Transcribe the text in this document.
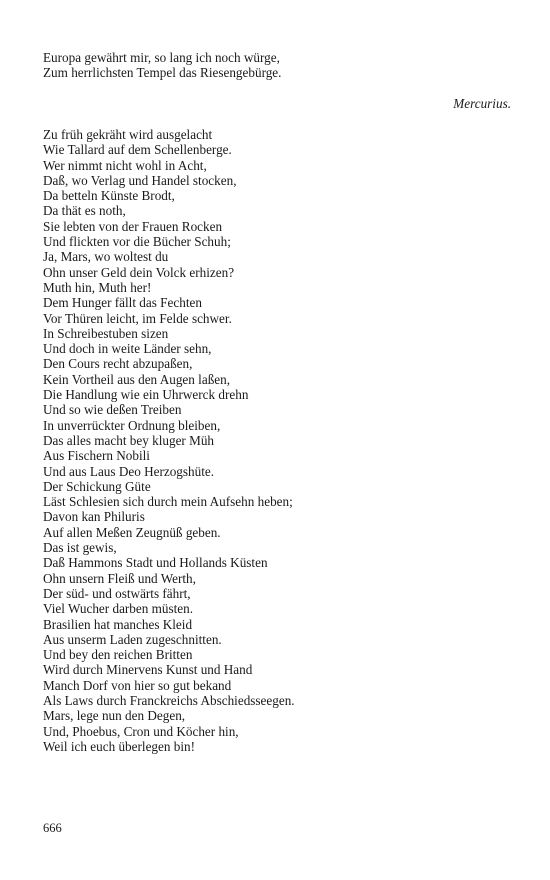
Europa gewährt mir, so lang ich noch würge,

Zum herrlichsten Tempel das Riesengebürge.

Mercurius.

Zu früh gekräht wird ausgelacht

Wie Tallard auf dem Schellenberge.

Wer nimmt nicht wohl in Acht,

Daß, wo Verlag und Handel stocken,

Da betteln Künste Brodt,

Da thät es noth,

Sie lebten von der Frauen Rocken

Und flickten vor die Bücher Schuh;

Ja, Mars, wo woltest du

Ohn unser Geld dein Volck erhizen?

Muth hin, Muth her!

Dem Hunger fällt das Fechten

Vor Thüren leicht, im Felde schwer.

In Schreibestuben sizen

Und doch in weite Länder sehn,

Den Cours recht abzupaßen,

Kein Vortheil aus den Augen laßen,

Die Handlung wie ein Uhrwerck drehn

Und so wie deßen Treiben

In unverrückter Ordnung bleiben,

Das alles macht bey kluger Müh

Aus Fischern Nobili

Und aus Laus Deo Herzogshüte.

Der Schickung Güte

Läst Schlesien sich durch mein Aufsehn heben;

Davon kan Philuris

Auf allen Meßen Zeugnüß geben.

Das ist gewis,

Daß Hammons Stadt und Hollands Küsten

Ohn unsern Fleiß und Werth,

Der süd- und ostwärts fährt,

Viel Wucher darben müsten.

Brasilien hat manches Kleid

Aus unserm Laden zugeschnitten.

Und bey den reichen Britten

Wird durch Minervens Kunst und Hand

Manch Dorf von hier so gut bekand

Als Laws durch Franckreichs Abschiedsseegen.

Mars, lege nun den Degen,

Und, Phoebus, Cron und Köcher hin,

Weil ich euch überlegen bin!

666
